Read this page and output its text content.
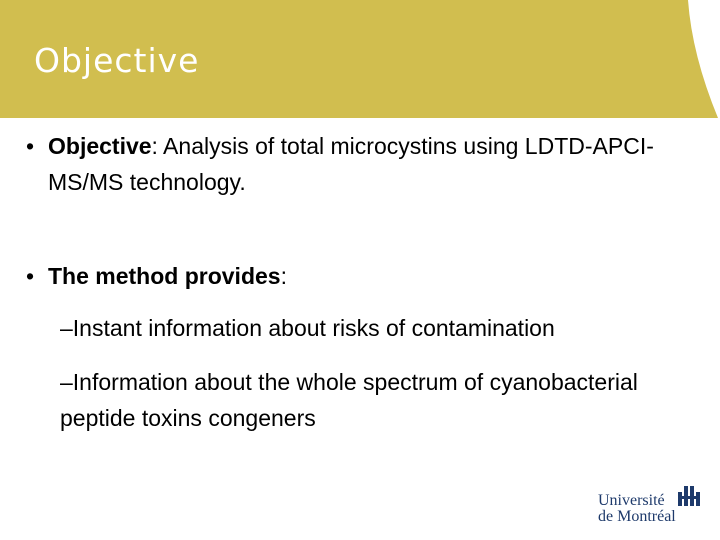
Objective
• Objective: Analysis of total microcystins using LDTD-APCI-MS/MS technology.
• The method provides:
–Instant information about risks of contamination
–Information about the whole spectrum of cyanobacterial peptide toxins congeners
Université
de Montréal
